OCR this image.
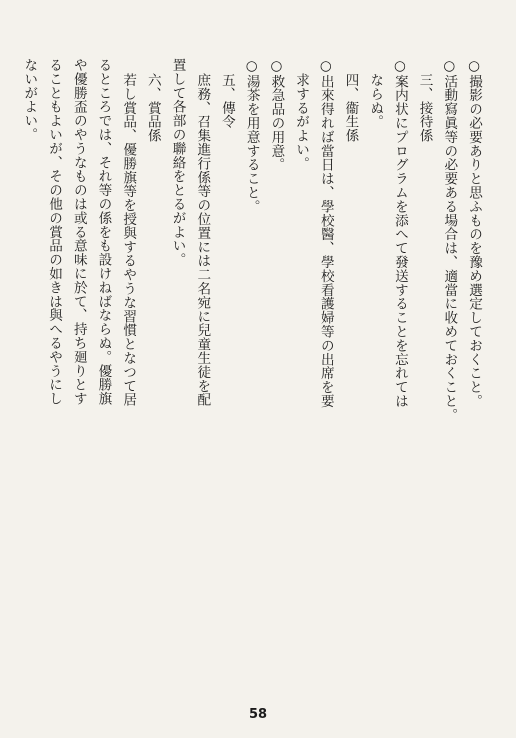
○撮影の必要ありと思ふものを豫め選定しておくこと。
○活動寫眞等の必要ある場合は、適當に收めておくこと。
三、接待係
○案内状にプログラムを添へて發送することを忘れては
ならぬ。
四、衞生係
○出來得れば當日は、學校醫、學校看護婦等の出席を要
求するがよい。
○救急品の用意。
○湯茶を用意すること。
五、傳令
庶務、召集進行係等の位置には二名宛に兒童生徒を配
置して各部の聯絡をとるがよい。
六、賞品係
若し賞品、優勝旗等を授與するやうな習慣となつて居
るところでは、それ等の係をも設けねばならぬ。優勝旗
や優勝盃のやうなものは或る意味に於て、持ち廻りとす
ることもよいが、その他の賞品の如きは與へるやうにし
ないがよい。
58
